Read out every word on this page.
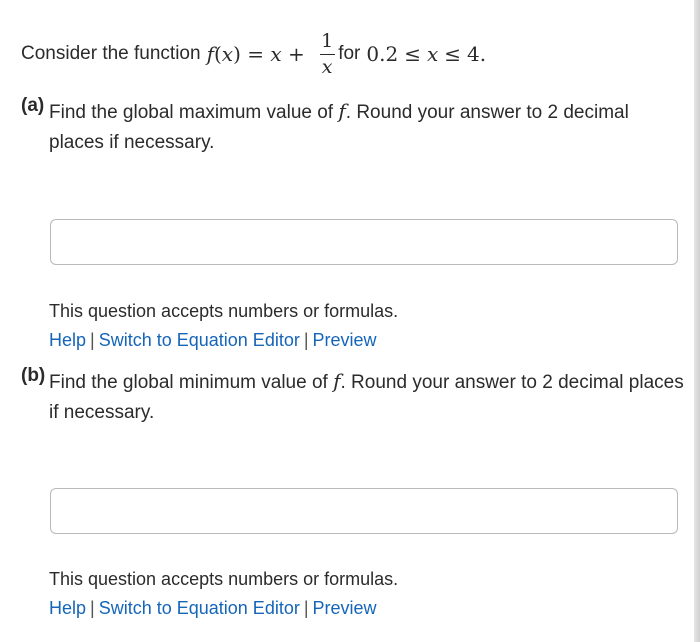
Consider the function f ( x ) = $x + \frac{1}{x}$ for 0.2 ≤ x ≤ 4.
(a) Find the global maximum value of f. Round your answer to 2 decimal places if necessary.
This question accepts numbers or formulas.
Help | Switch to Equation Editor | Preview
(b) Find the global minimum value of f. Round your answer to 2 decimal places if necessary.
This question accepts numbers or formulas.
Help | Switch to Equation Editor | Preview
